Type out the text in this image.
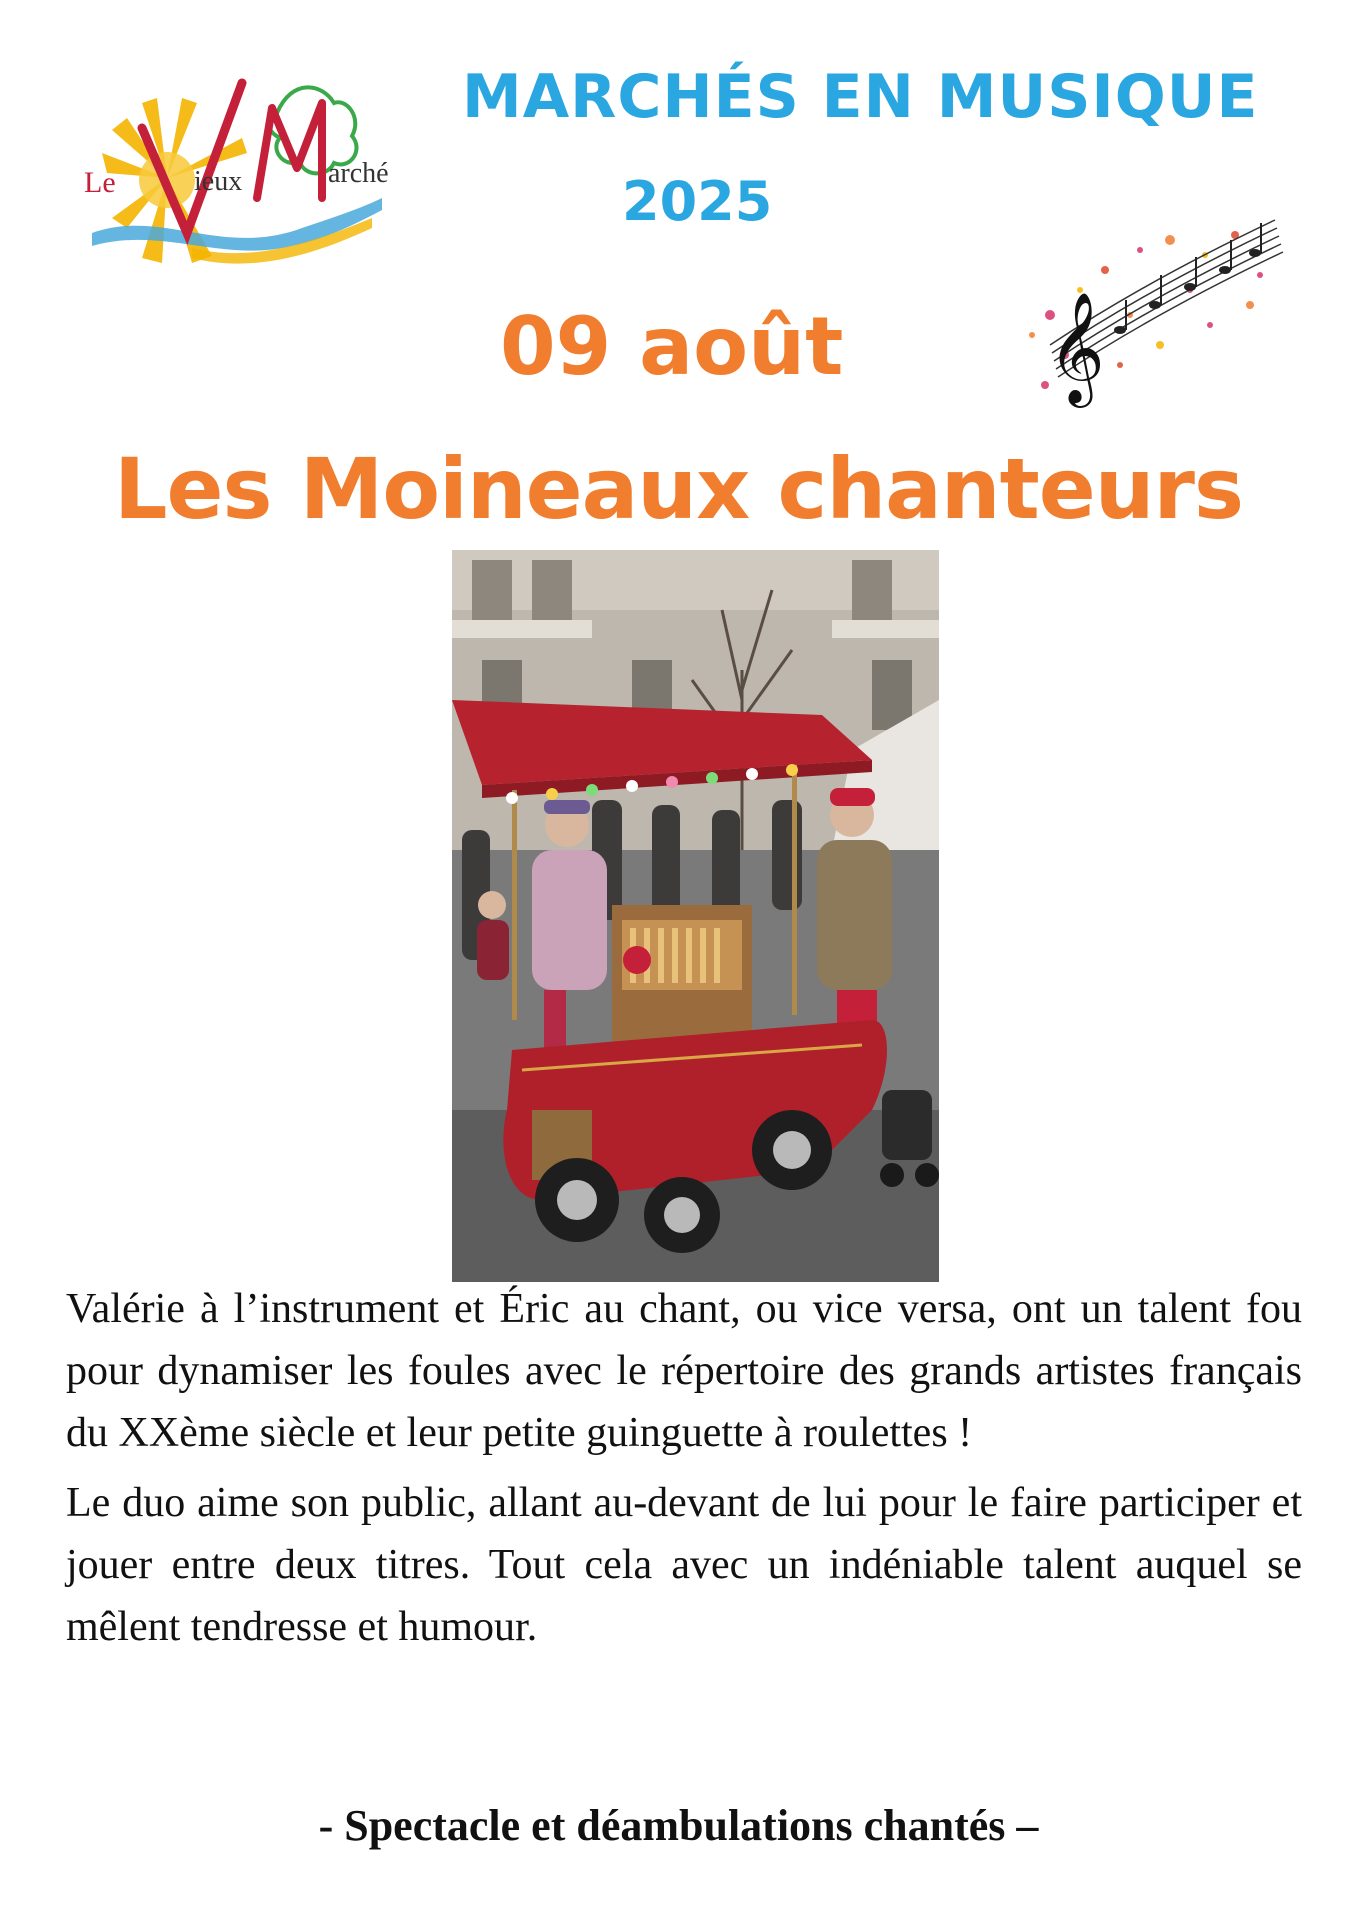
Le	ieux	arché
MARCHÉS EN MUSIQUE
2025
𝄞
09 août
Les Moineaux chanteurs

Valérie à l’instrument et Éric au chant, ou vice versa, ont un talent fou pour dynamiser les foules avec le répertoire des grands artistes français du XXème siècle et leur petite guinguette à roulettes !

Le duo aime son public, allant au-devant de lui pour le faire participer et jouer entre deux titres. Tout cela avec un indéniable talent auquel se mêlent tendresse et humour.

- Spectacle et déambulations chantés –
